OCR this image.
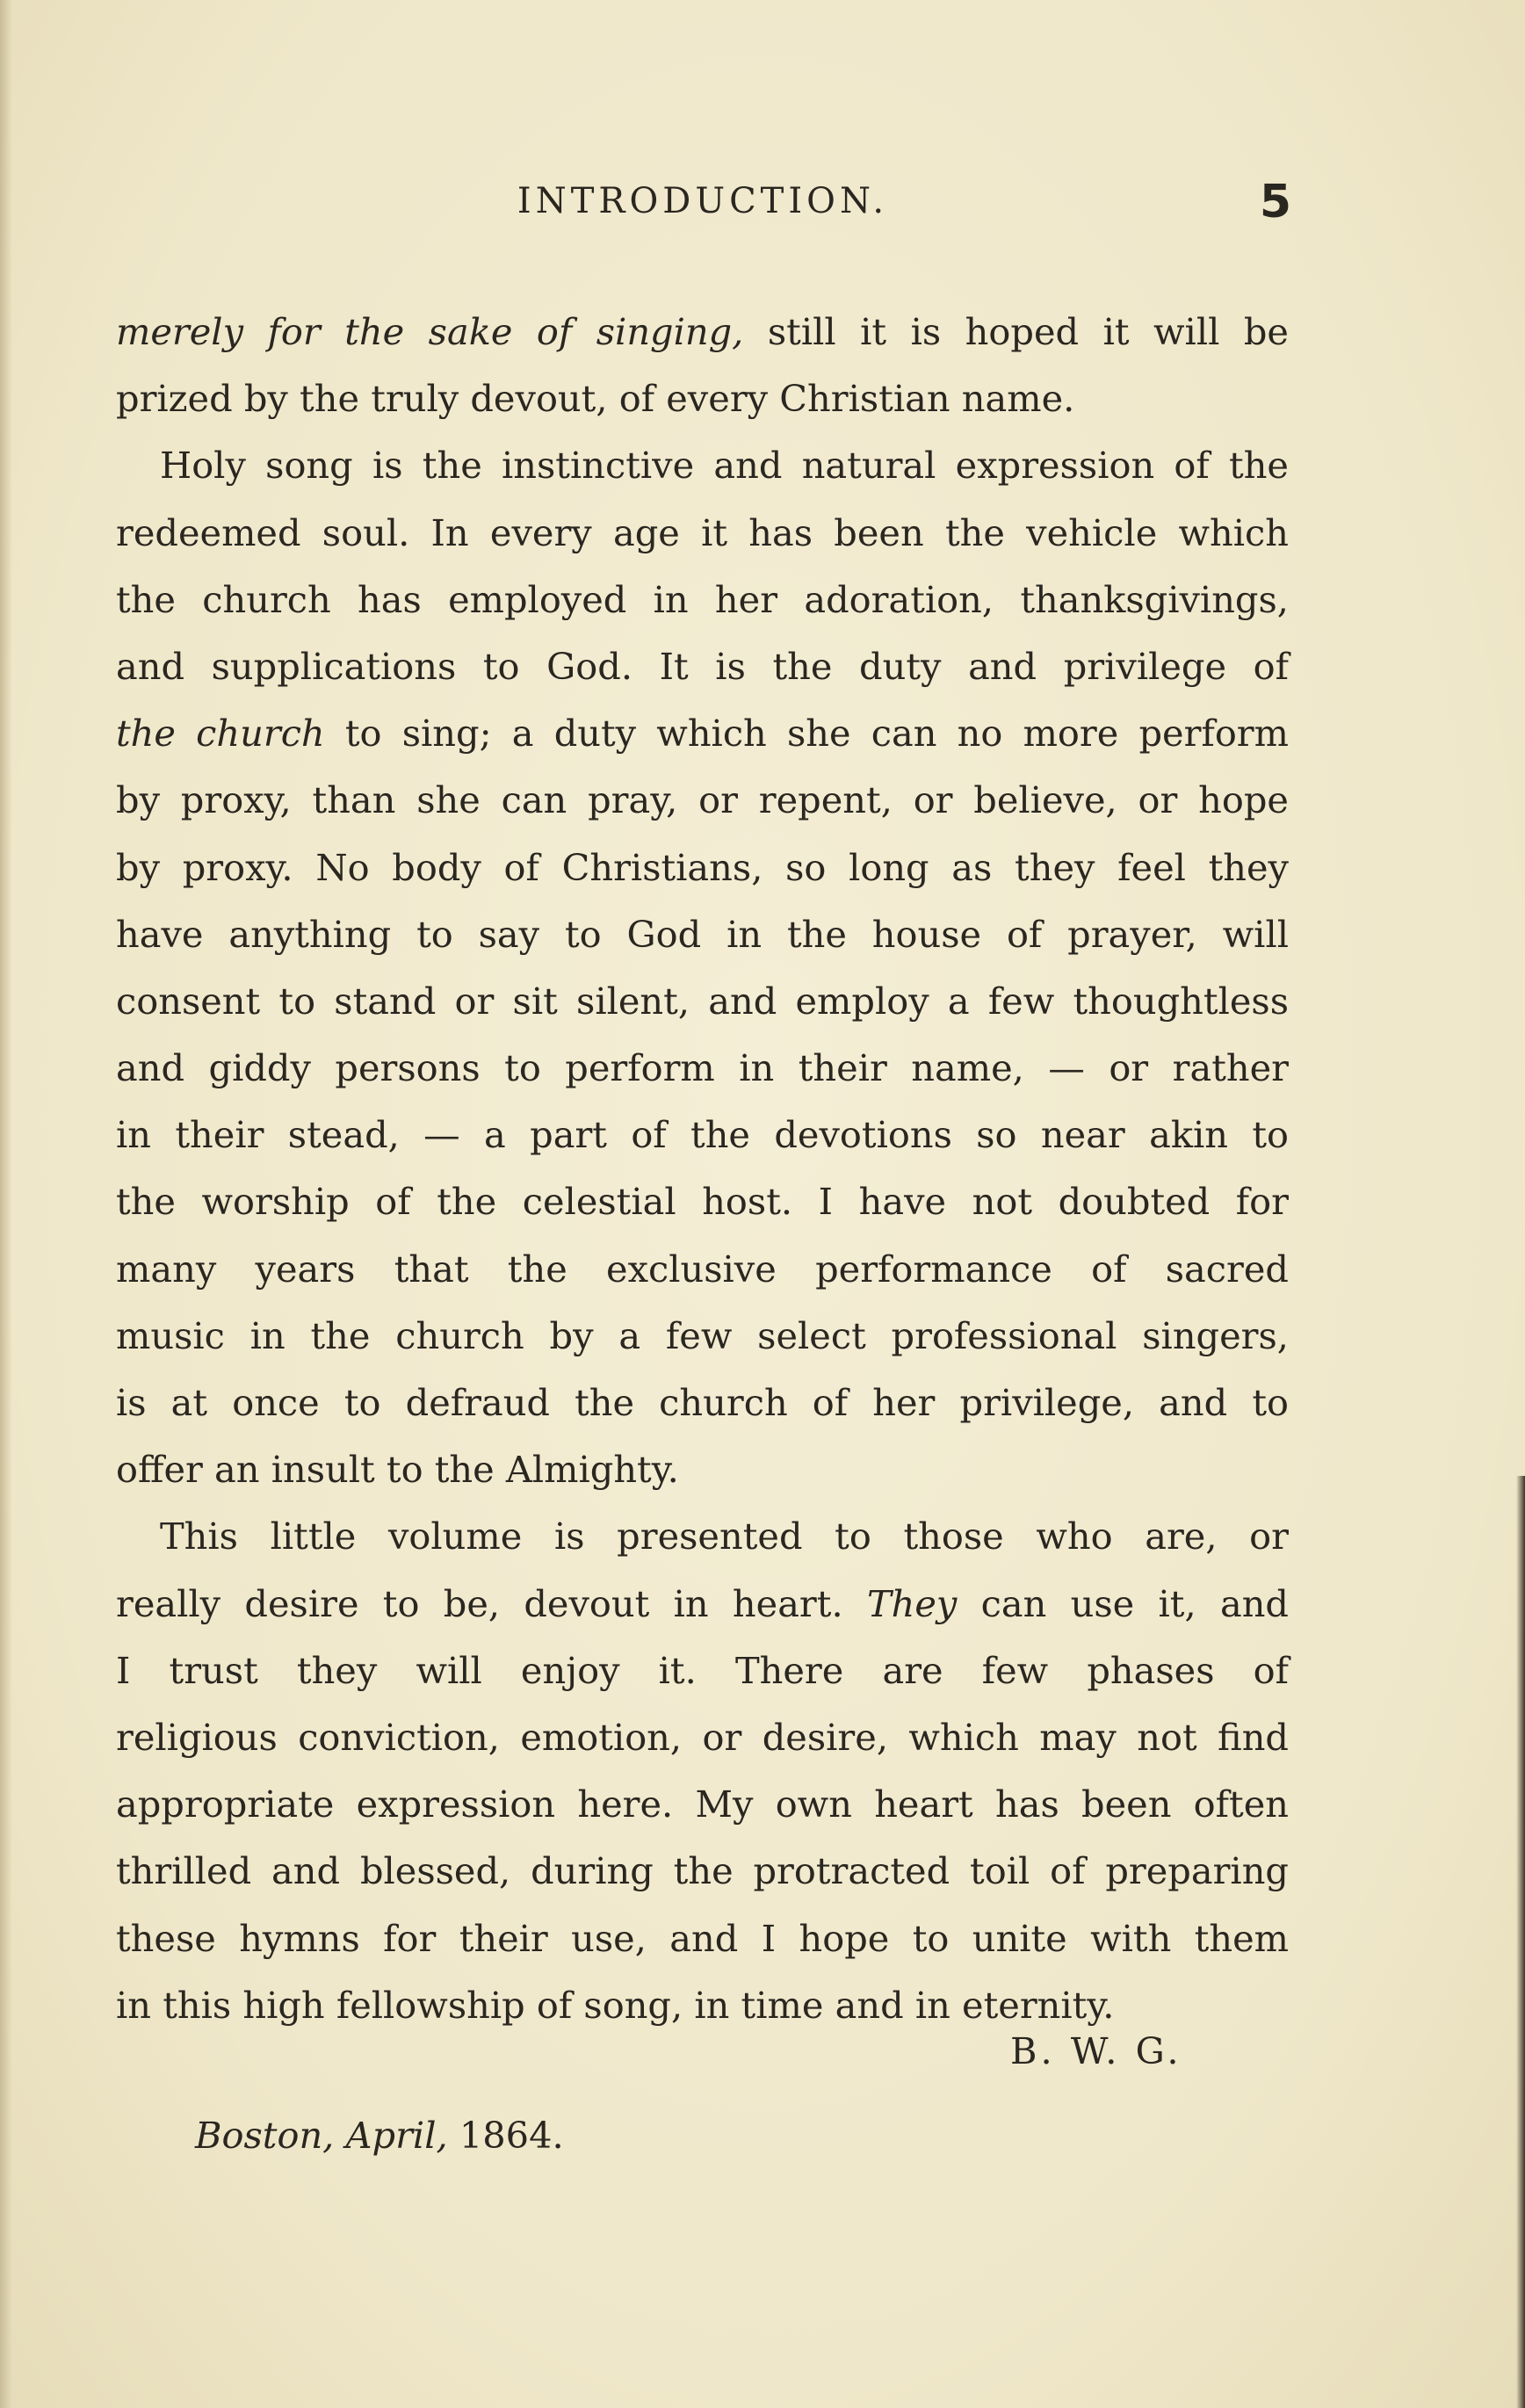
INTRODUCTION.	5
merely for the sake of singing, still it is hoped it will be
prized by the truly devout, of every Christian name.
Holy song is the instinctive and natural expression of the
redeemed soul. In every age it has been the vehicle which
the church has employed in her adoration, thanksgivings,
and supplications to God. It is the duty and privilege of
the church to sing; a duty which she can no more perform
by proxy, than she can pray, or repent, or believe, or hope
by proxy. No body of Christians, so long as they feel they
have anything to say to God in the house of prayer, will
consent to stand or sit silent, and employ a few thoughtless
and giddy persons to perform in their name, — or rather
in their stead, — a part of the devotions so near akin to
the worship of the celestial host. I have not doubted for
many years that the exclusive performance of sacred
music in the church by a few select professional singers,
is at once to defraud the church of her privilege, and to
offer an insult to the Almighty.
This little volume is presented to those who are, or
really desire to be, devout in heart. They can use it, and
I trust they will enjoy it. There are few phases of
religious conviction, emotion, or desire, which may not find
appropriate expression here. My own heart has been often
thrilled and blessed, during the protracted toil of preparing
these hymns for their use, and I hope to unite with them
in this high fellowship of song, in time and in eternity.
B. W. G.
Boston, April, 1864.
